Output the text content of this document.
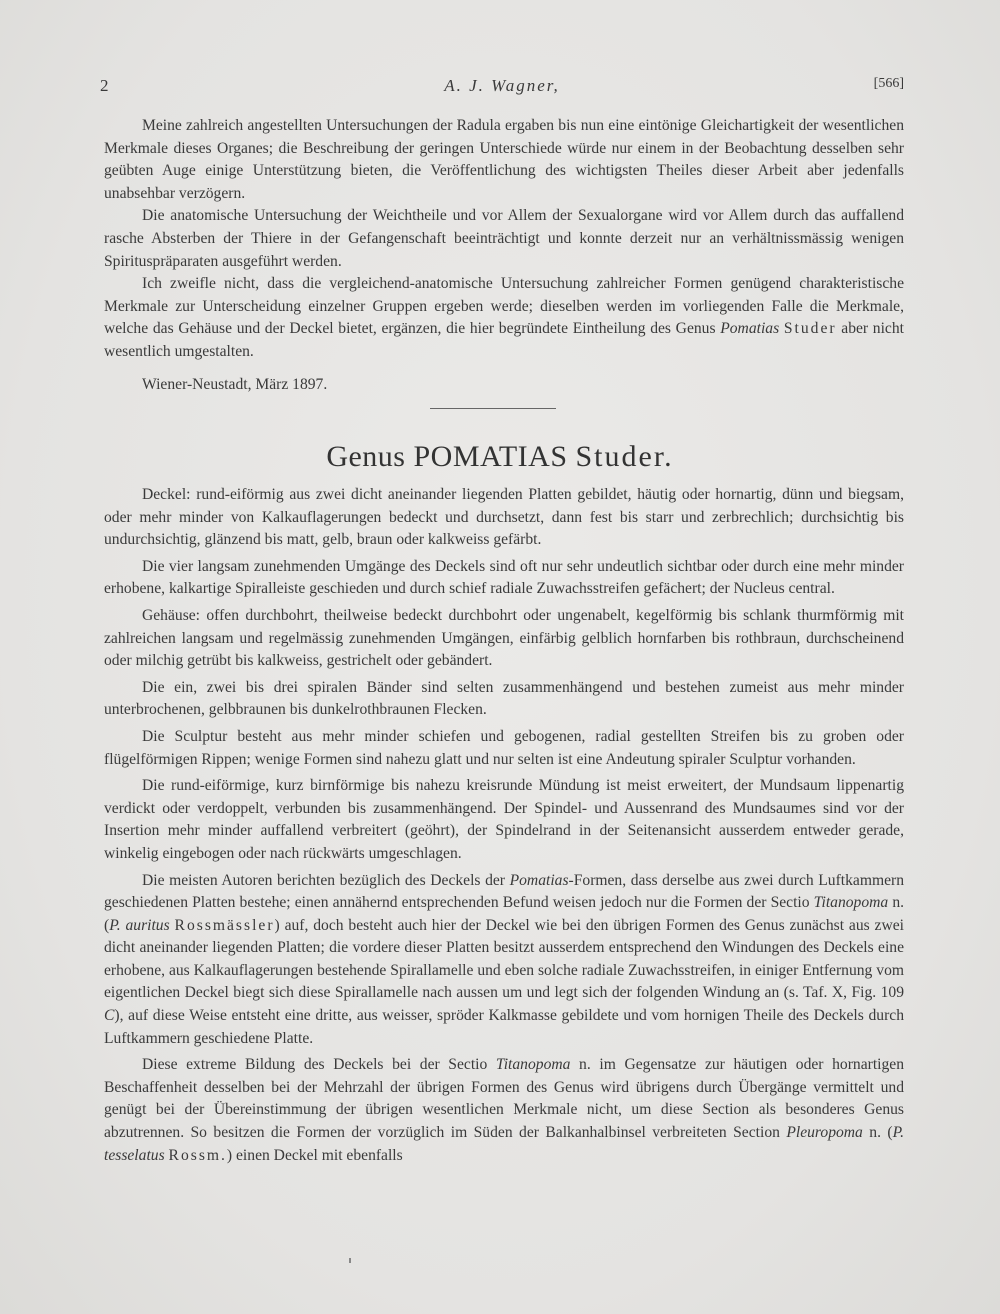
2	A. J. Wagner,	[566]

Meine zahlreich angestellten Untersuchungen der Radula ergaben bis nun eine eintönige Gleichartigkeit der wesentlichen Merkmale dieses Organes; die Beschreibung der geringen Unterschiede würde nur einem in der Beobachtung desselben sehr geübten Auge einige Unterstützung bieten, die Veröffentlichung des wichtigsten Theiles dieser Arbeit aber jedenfalls unabsehbar verzögern.

Die anatomische Untersuchung der Weichtheile und vor Allem der Sexualorgane wird vor Allem durch das auffallend rasche Absterben der Thiere in der Gefangenschaft beeinträchtigt und konnte derzeit nur an verhältnissmässig wenigen Spirituspräparaten ausgeführt werden.

Ich zweifle nicht, dass die vergleichend-anatomische Untersuchung zahlreicher Formen genügend charakteristische Merkmale zur Unterscheidung einzelner Gruppen ergeben werde; dieselben werden im vorliegenden Falle die Merkmale, welche das Gehäuse und der Deckel bietet, ergänzen, die hier begründete Eintheilung des Genus Pomatias Studer aber nicht wesentlich umgestalten.

Wiener-Neustadt, März 1897.
Genus POMATIAS Studer.

Deckel: rund-eiförmig aus zwei dicht aneinander liegenden Platten gebildet, häutig oder hornartig, dünn und biegsam, oder mehr minder von Kalkauflagerungen bedeckt und durchsetzt, dann fest bis starr und zerbrechlich; durchsichtig bis undurchsichtig, glänzend bis matt, gelb, braun oder kalkweiss gefärbt.

Die vier langsam zunehmenden Umgänge des Deckels sind oft nur sehr undeutlich sichtbar oder durch eine mehr minder erhobene, kalkartige Spiralleiste geschieden und durch schief radiale Zuwachsstreifen gefächert; der Nucleus central.

Gehäuse: offen durchbohrt, theilweise bedeckt durchbohrt oder ungenabelt, kegelförmig bis schlank thurmförmig mit zahlreichen langsam und regelmässig zunehmenden Umgängen, einfärbig gelblich hornfarben bis rothbraun, durchscheinend oder milchig getrübt bis kalkweiss, gestrichelt oder gebändert.

Die ein, zwei bis drei spiralen Bänder sind selten zusammenhängend und bestehen zumeist aus mehr minder unterbrochenen, gelbbraunen bis dunkelrothbraunen Flecken.

Die Sculptur besteht aus mehr minder schiefen und gebogenen, radial gestellten Streifen bis zu groben oder flügelförmigen Rippen; wenige Formen sind nahezu glatt und nur selten ist eine Andeutung spiraler Sculptur vorhanden.

Die rund-eiförmige, kurz birnförmige bis nahezu kreisrunde Mündung ist meist erweitert, der Mundsaum lippenartig verdickt oder verdoppelt, verbunden bis zusammenhängend. Der Spindel- und Aussenrand des Mundsaumes sind vor der Insertion mehr minder auffallend verbreitert (geöhrt), der Spindelrand in der Seitenansicht ausserdem entweder gerade, winkelig eingebogen oder nach rückwärts umgeschlagen.

Die meisten Autoren berichten bezüglich des Deckels der Pomatias-Formen, dass derselbe aus zwei durch Luftkammern geschiedenen Platten bestehe; einen annähernd entsprechenden Befund weisen jedoch nur die Formen der Sectio Titanopoma n. (P. auritus Rossmässler) auf, doch besteht auch hier der Deckel wie bei den übrigen Formen des Genus zunächst aus zwei dicht aneinander liegenden Platten; die vordere dieser Platten besitzt ausserdem entsprechend den Windungen des Deckels eine erhobene, aus Kalkauflagerungen bestehende Spirallamelle und eben solche radiale Zuwachsstreifen, in einiger Entfernung vom eigentlichen Deckel biegt sich diese Spirallamelle nach aussen um und legt sich der folgenden Windung an (s. Taf. X, Fig. 109 C), auf diese Weise entsteht eine dritte, aus weisser, spröder Kalkmasse gebildete und vom hornigen Theile des Deckels durch Luftkammern geschiedene Platte.

Diese extreme Bildung des Deckels bei der Sectio Titanopoma n. im Gegensatze zur häutigen oder hornartigen Beschaffenheit desselben bei der Mehrzahl der übrigen Formen des Genus wird übrigens durch Übergänge vermittelt und genügt bei der Übereinstimmung der übrigen wesentlichen Merkmale nicht, um diese Section als besonderes Genus abzutrennen. So besitzen die Formen der vorzüglich im Süden der Balkanhalbinsel verbreiteten Section Pleuropoma n. (P. tesselatus Rossm.) einen Deckel mit ebenfalls
